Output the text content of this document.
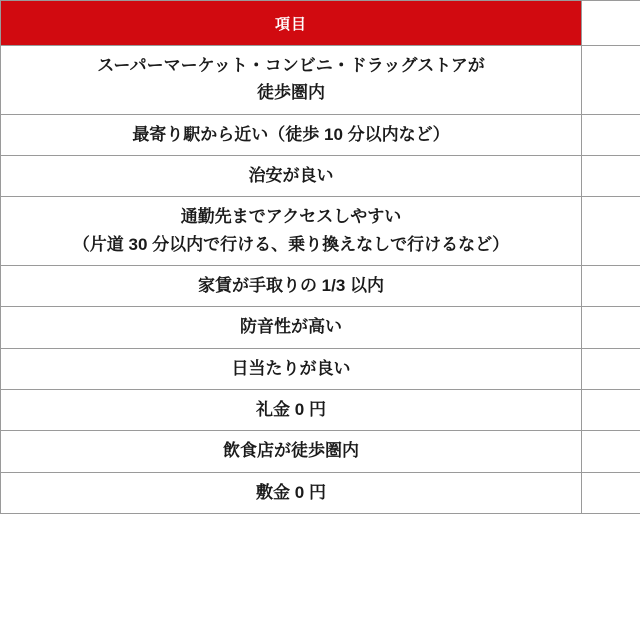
項目	

スーパーマーケット・コンビニ・ドラッグストアが
徒歩圏内	

最寄り駅から近い（徒歩 10 分以内など）	

治安が良い	

通勤先までアクセスしやすい
（片道 30 分以内で行ける、乗り換えなしで行けるなど）	

家賃が手取りの 1/3 以内	

防音性が高い	

日当たりが良い	

礼金 0 円	

飲食店が徒歩圏内	

敷金 0 円	
